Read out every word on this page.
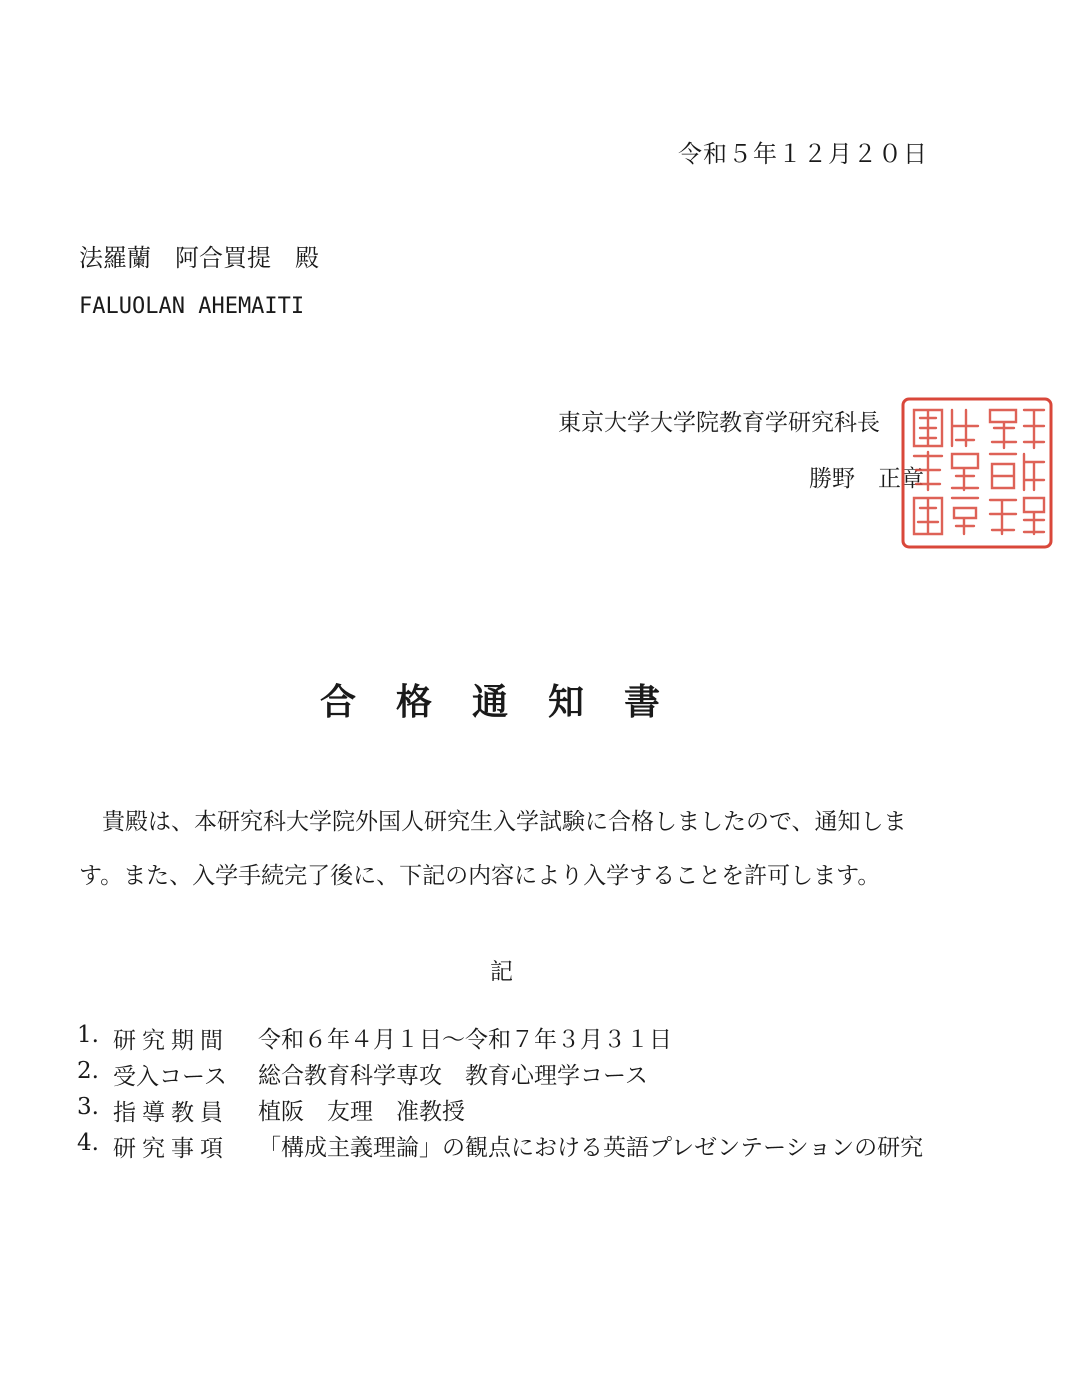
令和５年１２月２０日
法羅蘭　阿合買提　殿
FALUOLAN AHEMAITI
東京大学大学院教育学研究科長
勝野　正章
合格通知書
貴殿は、本研究科大学院外国人研究生入学試験に合格しましたので、通知します。また、入学手続完了後に、下記の内容により入学することを許可します。
記
1. 研究期間	令和６年４月１日～令和７年３月３１日
2. 受入コース	総合教育科学専攻　教育心理学コース
3. 指導教員	植阪　友理　准教授
4. 研究事項	「構成主義理論」の観点における英語プレゼンテーションの研究
